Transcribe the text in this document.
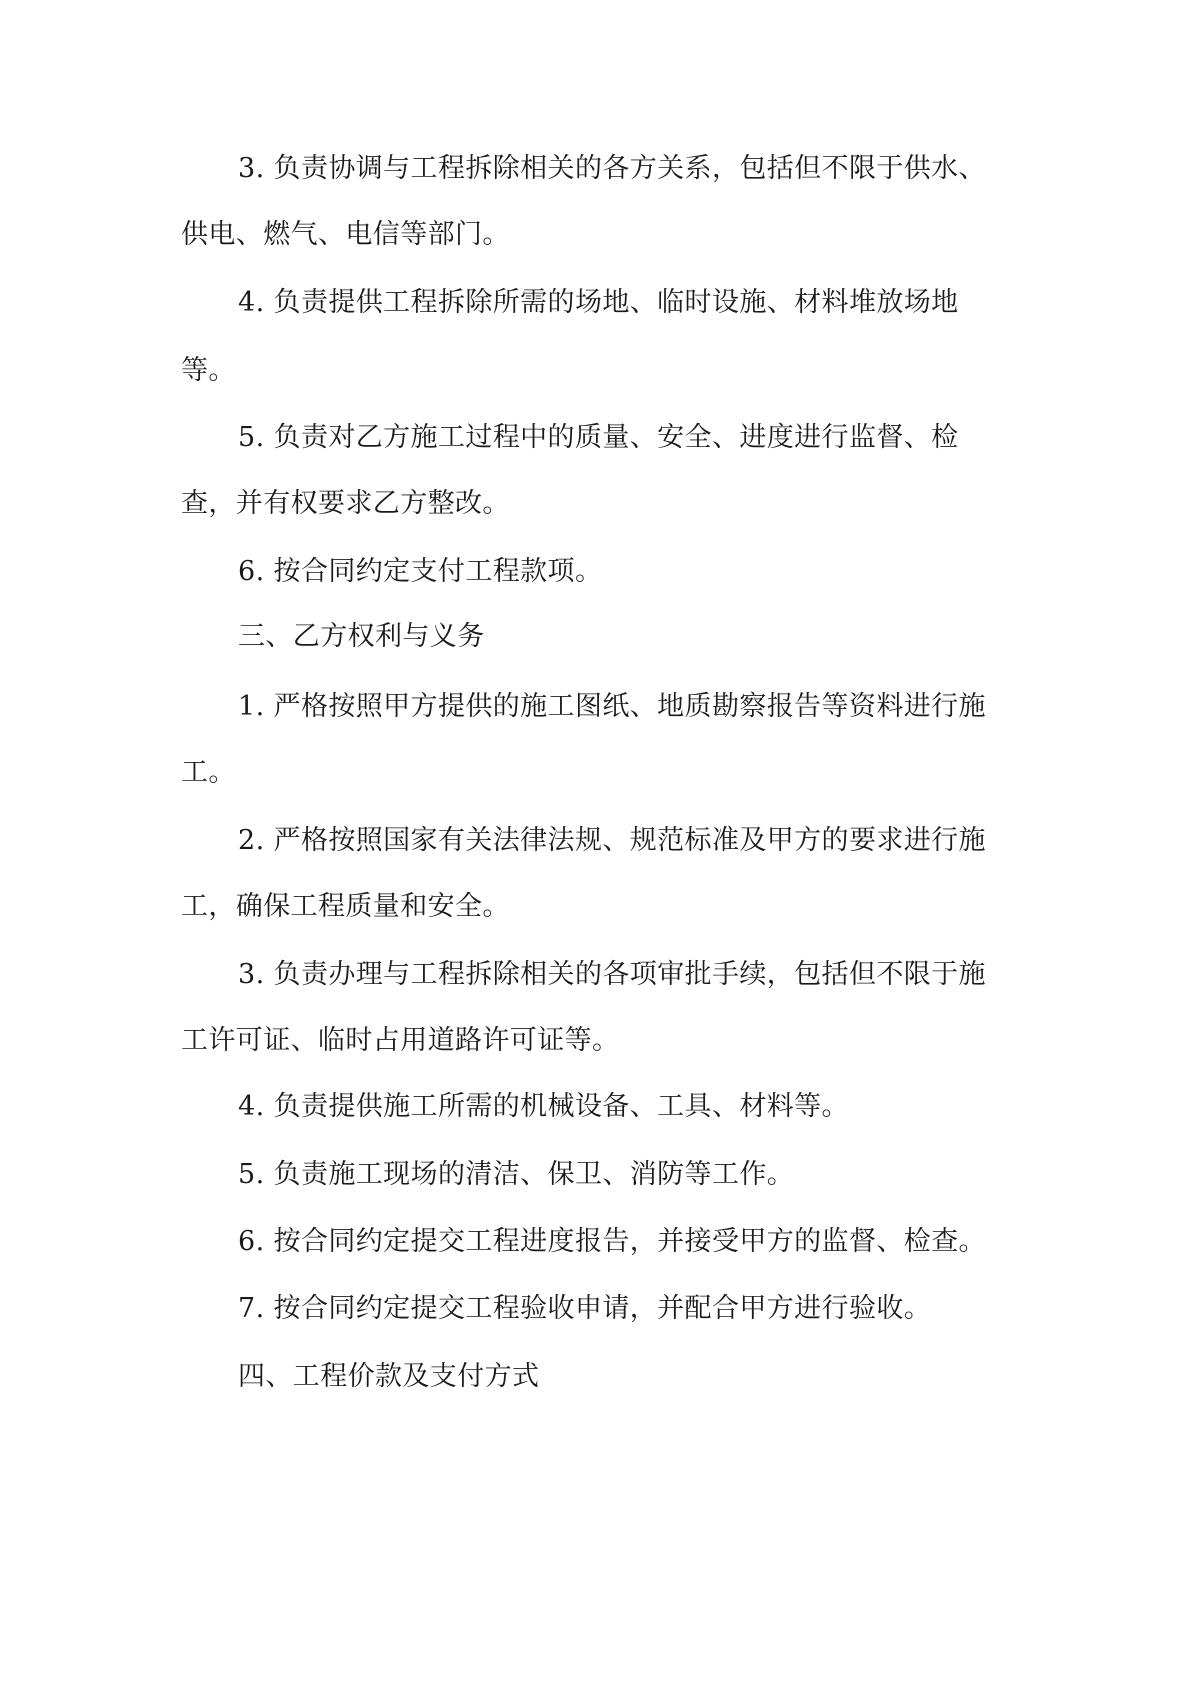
3. 负责协调与工程拆除相关的各方关系，包括但不限于供水、
供电、燃气、电信等部门。
4. 负责提供工程拆除所需的场地、临时设施、材料堆放场地
等。
5. 负责对乙方施工过程中的质量、安全、进度进行监督、检
查，并有权要求乙方整改。
6. 按合同约定支付工程款项。
三、乙方权利与义务
1. 严格按照甲方提供的施工图纸、地质勘察报告等资料进行施
工。
2. 严格按照国家有关法律法规、规范标准及甲方的要求进行施
工，确保工程质量和安全。
3. 负责办理与工程拆除相关的各项审批手续，包括但不限于施
工许可证、临时占用道路许可证等。
4. 负责提供施工所需的机械设备、工具、材料等。
5. 负责施工现场的清洁、保卫、消防等工作。
6. 按合同约定提交工程进度报告，并接受甲方的监督、检查。
7. 按合同约定提交工程验收申请，并配合甲方进行验收。
四、工程价款及支付方式
